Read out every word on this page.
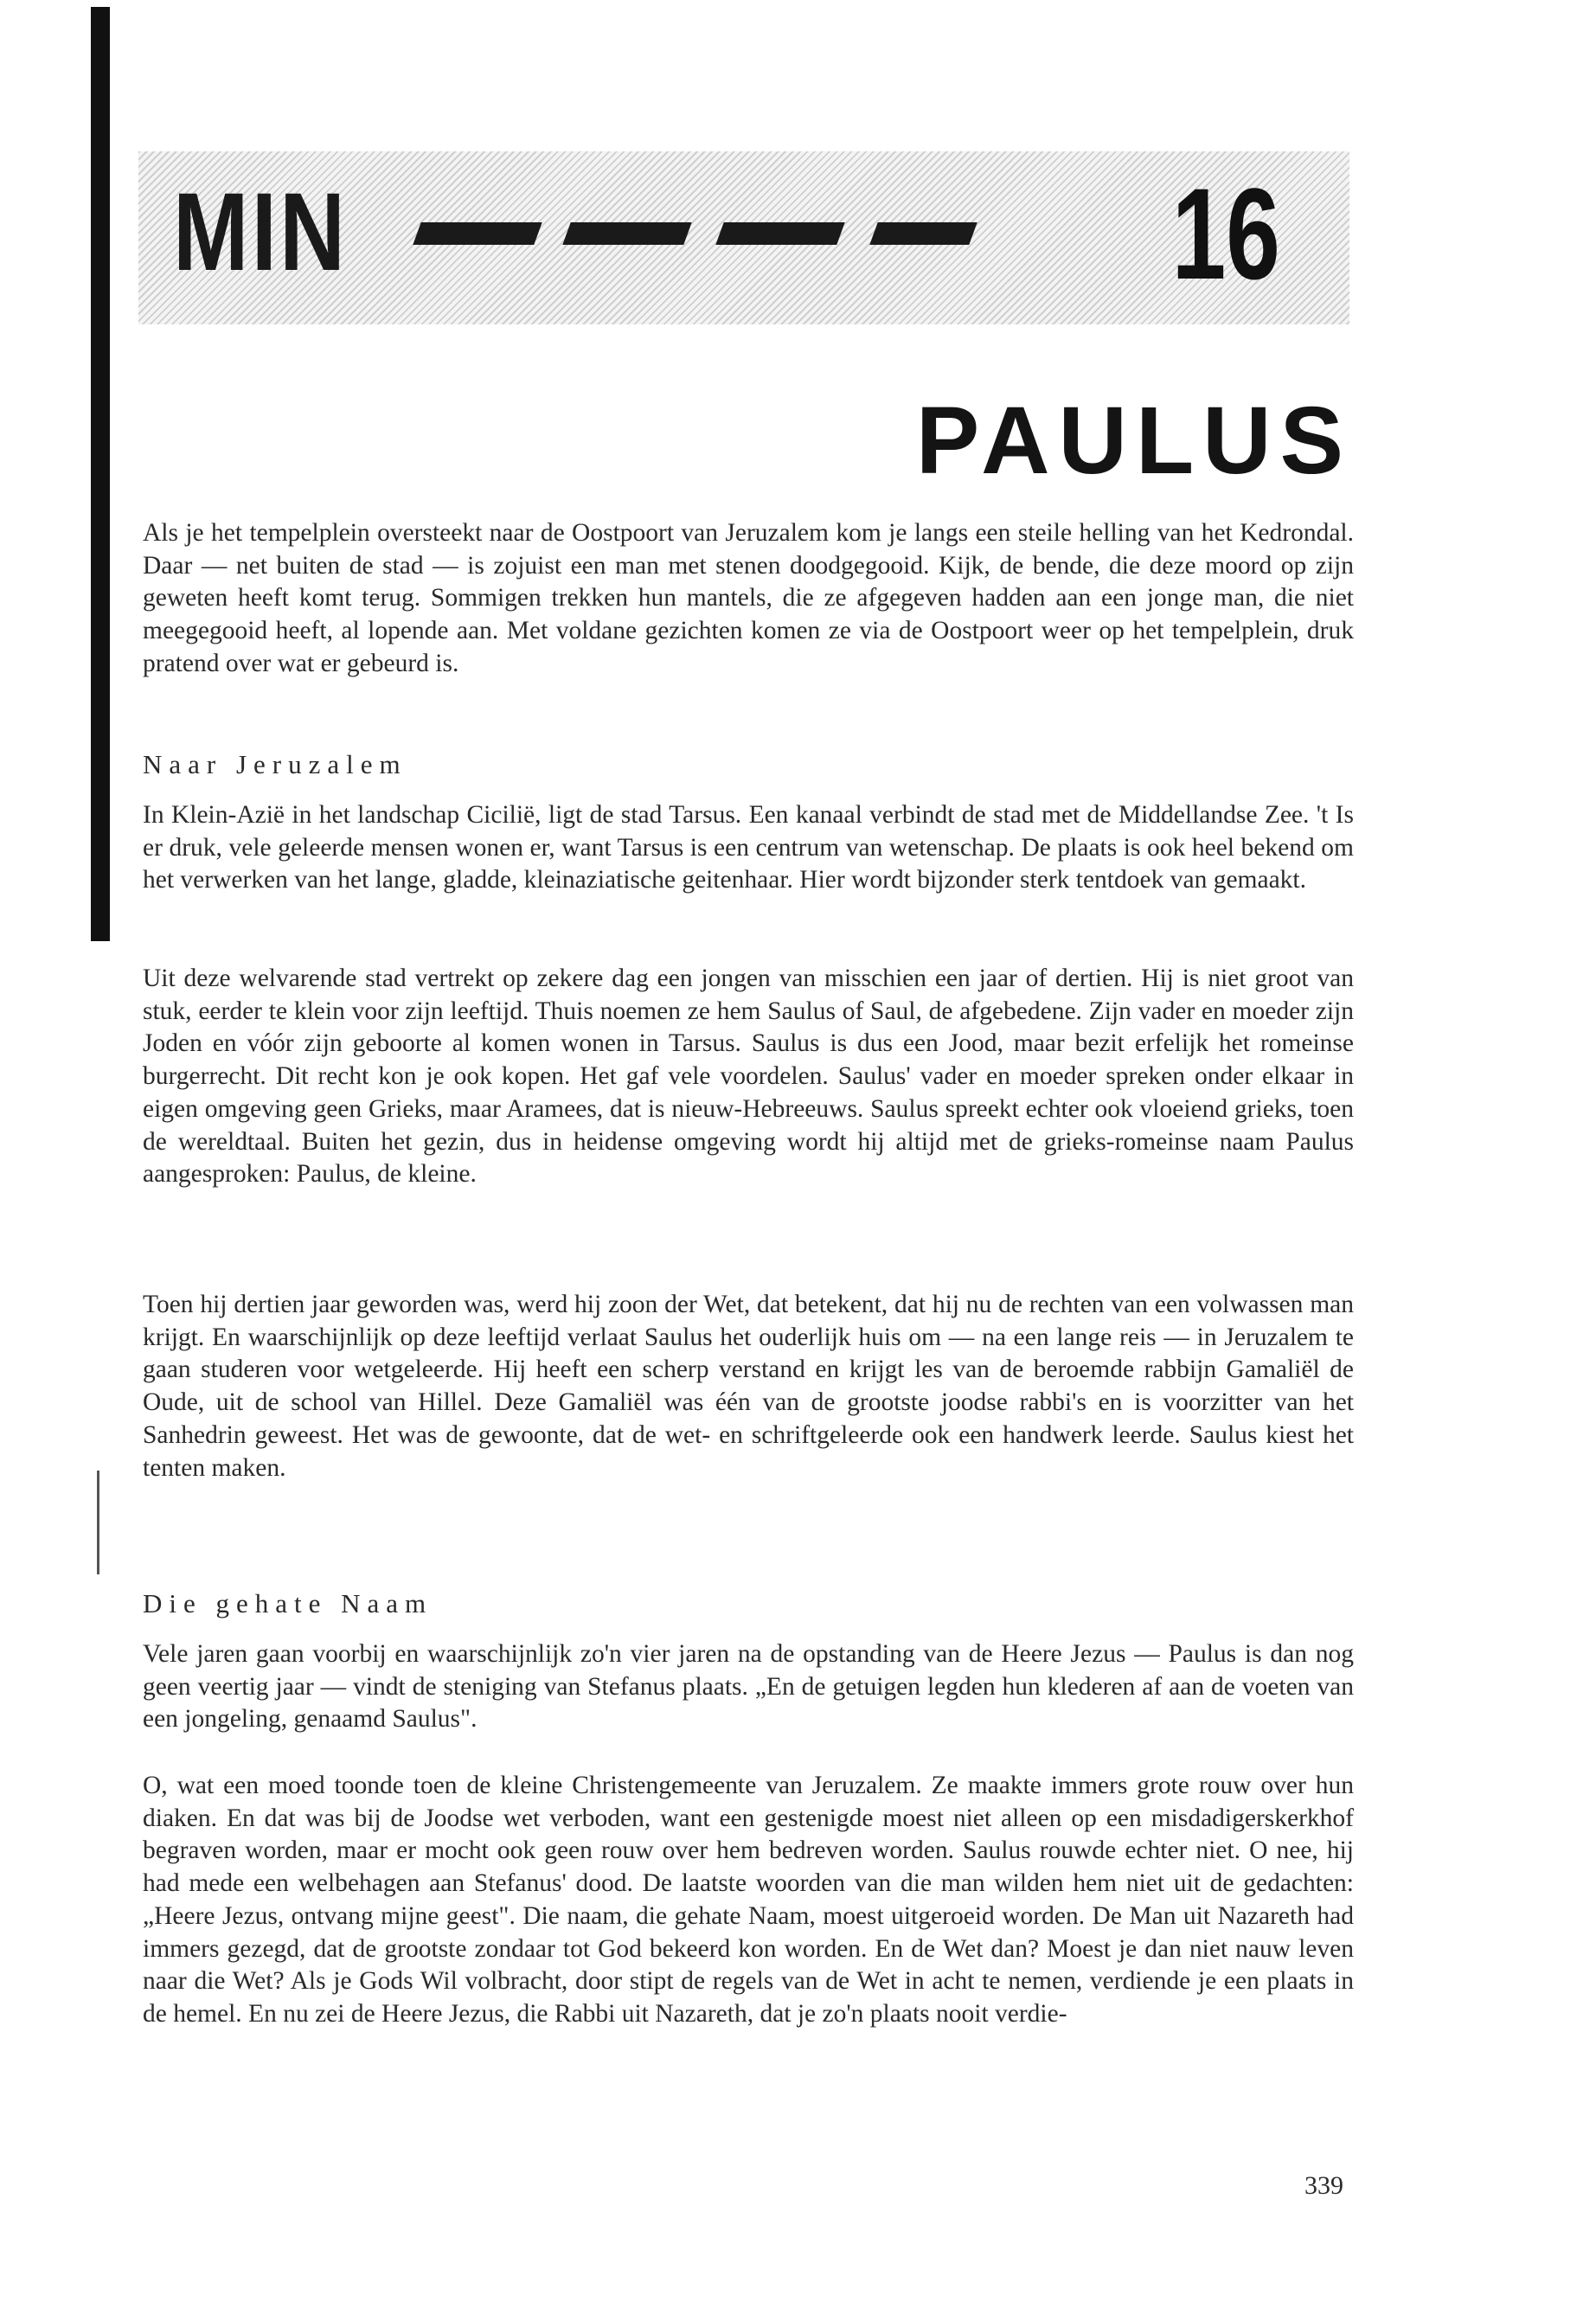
MIN	16
PAULUS

Als je het tempelplein oversteekt naar de Oostpoort van Jeruzalem kom je langs een steile helling van het Kedrondal. Daar — net buiten de stad — is zojuist een man met stenen doodgegooid. Kijk, de bende, die deze moord op zijn geweten heeft komt terug. Sommigen trekken hun mantels, die ze afgegeven hadden aan een jonge man, die niet meegegooid heeft, al lopende aan. Met voldane gezichten komen ze via de Oostpoort weer op het tempelplein, druk pratend over wat er gebeurd is.

Naar Jeruzalem

In Klein-Azië in het landschap Cicilië, ligt de stad Tarsus. Een kanaal verbindt de stad met de Middellandse Zee. 't Is er druk, vele geleerde mensen wonen er, want Tarsus is een centrum van wetenschap. De plaats is ook heel bekend om het verwerken van het lange, gladde, kleinaziatische geitenhaar. Hier wordt bijzonder sterk tentdoek van gemaakt.

Uit deze welvarende stad vertrekt op zekere dag een jongen van misschien een jaar of dertien. Hij is niet groot van stuk, eerder te klein voor zijn leeftijd. Thuis noemen ze hem Saulus of Saul, de afgebedene. Zijn vader en moeder zijn Joden en vóór zijn geboorte al komen wonen in Tarsus. Saulus is dus een Jood, maar bezit erfelijk het romeinse burgerrecht. Dit recht kon je ook kopen. Het gaf vele voordelen. Saulus' vader en moeder spreken onder elkaar in eigen omgeving geen Grieks, maar Aramees, dat is nieuw-Hebreeuws. Saulus spreekt echter ook vloeiend grieks, toen de wereldtaal. Buiten het gezin, dus in heidense omgeving wordt hij altijd met de grieks-romeinse naam Paulus aangesproken: Paulus, de kleine.

Toen hij dertien jaar geworden was, werd hij zoon der Wet, dat betekent, dat hij nu de rechten van een volwassen man krijgt. En waarschijnlijk op deze leeftijd verlaat Saulus het ouderlijk huis om — na een lange reis — in Jeruzalem te gaan studeren voor wetgeleerde. Hij heeft een scherp verstand en krijgt les van de beroemde rabbijn Gamaliël de Oude, uit de school van Hillel. Deze Gamaliël was één van de grootste joodse rabbi's en is voorzitter van het Sanhedrin geweest. Het was de gewoonte, dat de wet- en schriftgeleerde ook een handwerk leerde. Saulus kiest het tenten maken.

Die gehate Naam

Vele jaren gaan voorbij en waarschijnlijk zo'n vier jaren na de opstanding van de Heere Jezus — Paulus is dan nog geen veertig jaar — vindt de steniging van Stefanus plaats. „En de getuigen legden hun klederen af aan de voeten van een jongeling, genaamd Saulus".

O, wat een moed toonde toen de kleine Christengemeente van Jeruzalem. Ze maakte immers grote rouw over hun diaken. En dat was bij de Joodse wet verboden, want een gestenigde moest niet alleen op een misdadigerskerkhof begraven worden, maar er mocht ook geen rouw over hem bedreven worden. Saulus rouwde echter niet. O nee, hij had mede een welbehagen aan Stefanus' dood. De laatste woorden van die man wilden hem niet uit de gedachten: „Heere Jezus, ontvang mijne geest". Die naam, die gehate Naam, moest uitgeroeid worden. De Man uit Nazareth had immers gezegd, dat de grootste zondaar tot God bekeerd kon worden. En de Wet dan? Moest je dan niet nauw leven naar die Wet? Als je Gods Wil volbracht, door stipt de regels van de Wet in acht te nemen, verdiende je een plaats in de hemel. En nu zei de Heere Jezus, die Rabbi uit Nazareth, dat je zo'n plaats nooit verdie-

339
